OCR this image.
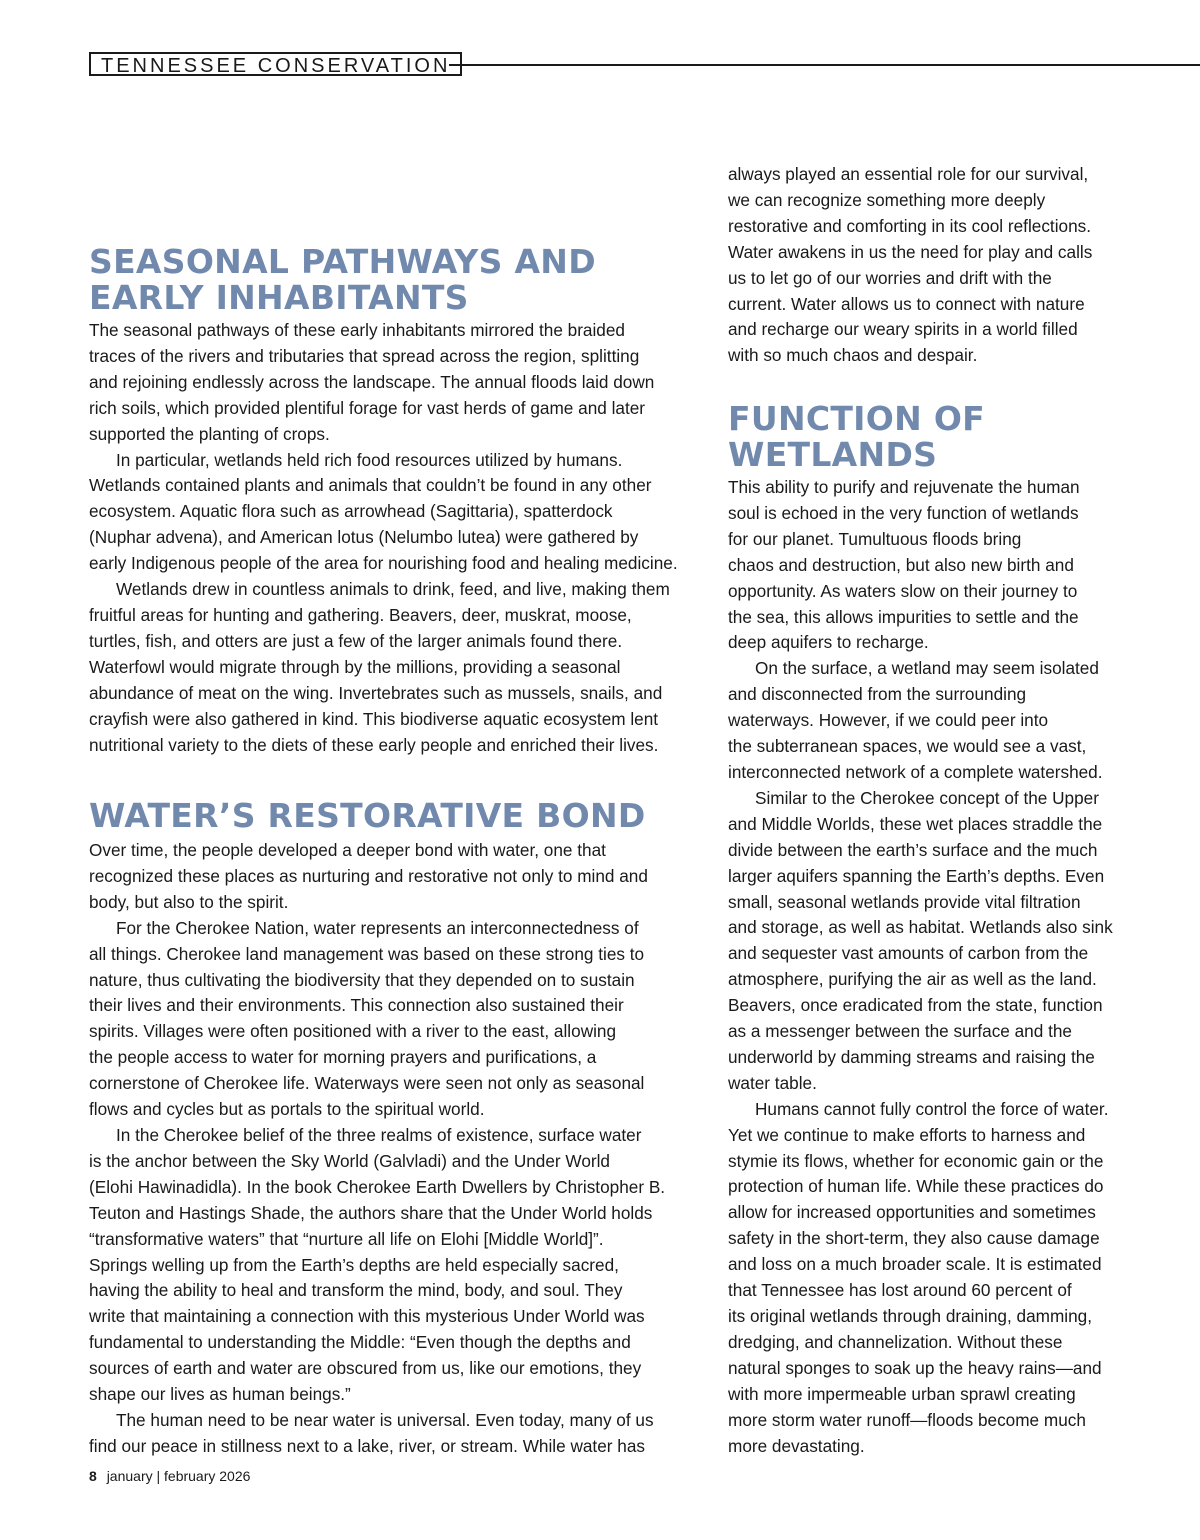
TENNESSEE CONSERVATION
SEASONAL PATHWAYS AND
EARLY INHABITANTS

The seasonal pathways of these early inhabitants mirrored the braided
traces of the rivers and tributaries that spread across the region, splitting
and rejoining endlessly across the landscape. The annual floods laid down
rich soils, which provided plentiful forage for vast herds of game and later
supported the planting of crops.
In particular, wetlands held rich food resources utilized by humans.
Wetlands contained plants and animals that couldn’t be found in any other
ecosystem. Aquatic flora such as arrowhead (Sagittaria), spatterdock
(Nuphar advena), and American lotus (Nelumbo lutea) were gathered by
early Indigenous people of the area for nourishing food and healing medicine.
Wetlands drew in countless animals to drink, feed, and live, making them
fruitful areas for hunting and gathering. Beavers, deer, muskrat, moose,
turtles, fish, and otters are just a few of the larger animals found there.
Waterfowl would migrate through by the millions, providing a seasonal
abundance of meat on the wing. Invertebrates such as mussels, snails, and
crayfish were also gathered in kind. This biodiverse aquatic ecosystem lent
nutritional variety to the diets of these early people and enriched their lives.

WATER’S RESTORATIVE BOND

Over time, the people developed a deeper bond with water, one that
recognized these places as nurturing and restorative not only to mind and
body, but also to the spirit.
For the Cherokee Nation, water represents an interconnectedness of
all things. Cherokee land management was based on these strong ties to
nature, thus cultivating the biodiversity that they depended on to sustain
their lives and their environments. This connection also sustained their
spirits. Villages were often positioned with a river to the east, allowing
the people access to water for morning prayers and purifications, a
cornerstone of Cherokee life. Waterways were seen not only as seasonal
flows and cycles but as portals to the spiritual world.
In the Cherokee belief of the three realms of existence, surface water
is the anchor between the Sky World (Galvladi) and the Under World
(Elohi Hawinadidla). In the book Cherokee Earth Dwellers by Christopher B.
Teuton and Hastings Shade, the authors share that the Under World holds
“transformative waters” that “nurture all life on Elohi [Middle World]”.
Springs welling up from the Earth’s depths are held especially sacred,
having the ability to heal and transform the mind, body, and soul. They
write that maintaining a connection with this mysterious Under World was
fundamental to understanding the Middle: “Even though the depths and
sources of earth and water are obscured from us, like our emotions, they
shape our lives as human beings.”
The human need to be near water is universal. Even today, many of us
find our peace in stillness next to a lake, river, or stream. While water has

always played an essential role for our survival,
we can recognize something more deeply
restorative and comforting in its cool reflections.
Water awakens in us the need for play and calls
us to let go of our worries and drift with the
current. Water allows us to connect with nature
and recharge our weary spirits in a world filled
with so much chaos and despair.

FUNCTION OF
WETLANDS

This ability to purify and rejuvenate the human
soul is echoed in the very function of wetlands
for our planet. Tumultuous floods bring
chaos and destruction, but also new birth and
opportunity. As waters slow on their journey to
the sea, this allows impurities to settle and the
deep aquifers to recharge.
On the surface, a wetland may seem isolated
and disconnected from the surrounding
waterways. However, if we could peer into
the subterranean spaces, we would see a vast,
interconnected network of a complete watershed.
Similar to the Cherokee concept of the Upper
and Middle Worlds, these wet places straddle the
divide between the earth’s surface and the much
larger aquifers spanning the Earth’s depths. Even
small, seasonal wetlands provide vital filtration
and storage, as well as habitat. Wetlands also sink
and sequester vast amounts of carbon from the
atmosphere, purifying the air as well as the land.
Beavers, once eradicated from the state, function
as a messenger between the surface and the
underworld by damming streams and raising the
water table.
Humans cannot fully control the force of water.
Yet we continue to make efforts to harness and
stymie its flows, whether for economic gain or the
protection of human life. While these practices do
allow for increased opportunities and sometimes
safety in the short-term, they also cause damage
and loss on a much broader scale. It is estimated
that Tennessee has lost around 60 percent of
its original wetlands through draining, damming,
dredging, and channelization. Without these
natural sponges to soak up the heavy rains—and
with more impermeable urban sprawl creating
more storm water runoff—floods become much
more devastating.

8 january | february 2026
